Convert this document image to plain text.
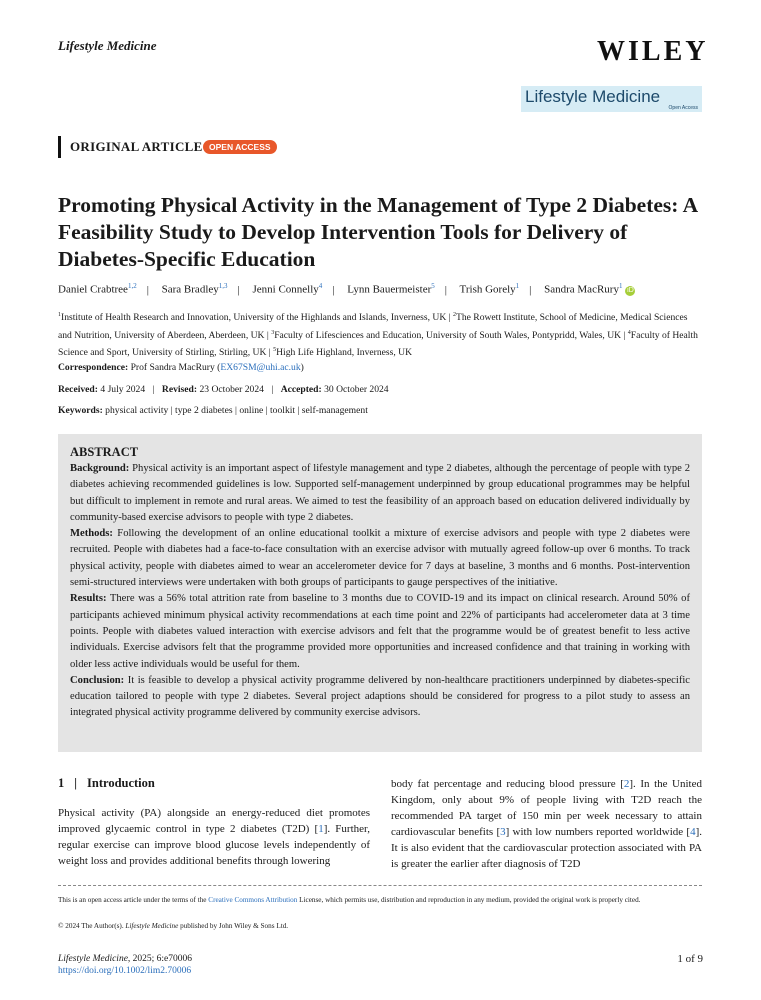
Lifestyle Medicine	WILEY
Lifestyle Medicine
Open Access
ORIGINAL ARTICLE OPEN ACCESS
Promoting Physical Activity in the Management of Type 2 Diabetes: A Feasibility Study to Develop Intervention Tools for Delivery of Diabetes-Specific Education
Daniel Crabtree$^{1,2}$ | Sara Bradley$^{1,3}$ | Jenni Connelly$^4$ | Lynn Bauermeister$^5$ | Trish Gorely$^1$ | Sandra MacRury$^1$iD
$^1$Institute of Health Research and Innovation, University of the Highlands and Islands, Inverness, UK | $^2$The Rowett Institute, School of Medicine, Medical Sciences and Nutrition, University of Aberdeen, Aberdeen, UK | $^3$Faculty of Lifesciences and Education, University of South Wales, Pontypridd, Wales, UK | $^4$Faculty of Health Science and Sport, University of Stirling, Stirling, UK | $^5$High Life Highland, Inverness, UK
Correspondence: Prof Sandra MacRury (EX67SM@uhi.ac.uk)
Received: 4 July 2024 | Revised: 23 October 2024 | Accepted: 30 October 2024
Keywords: physical activity | type 2 diabetes | online | toolkit | self-management
ABSTRACT

Background: Physical activity is an important aspect of lifestyle management and type 2 diabetes, although the percentage of people with type 2 diabetes achieving recommended guidelines is low. Supported self-management underpinned by group educational programmes may be helpful but difficult to implement in remote and rural areas. We aimed to test the feasibility of an approach based on education delivered individually by community-based exercise advisors to people with type 2 diabetes.

Methods: Following the development of an online educational toolkit a mixture of exercise advisors and people with type 2 diabetes were recruited. People with diabetes had a face-to-face consultation with an exercise advisor with mutually agreed follow-up over 6 months. To track physical activity, people with diabetes aimed to wear an accelerometer device for 7 days at baseline, 3 months and 6 months. Post-intervention semi-structured interviews were undertaken with both groups of participants to gauge perspectives of the initiative.

Results: There was a 56% total attrition rate from baseline to 3 months due to COVID-19 and its impact on clinical research. Around 50% of participants achieved minimum physical activity recommendations at each time point and 22% of participants had accelerometer data at 3 time points. People with diabetes valued interaction with exercise advisors and felt that the programme would be of greatest benefit to less active individuals. Exercise advisors felt that the programme provided more opportunities and increased confidence and that training in working with older less active individuals would be useful for them.

Conclusion: It is feasible to develop a physical activity programme delivered by non-healthcare practitioners underpinned by diabetes-specific education tailored to people with type 2 diabetes. Several project adaptions should be considered for progress to a pilot study to assess an integrated physical activity programme delivered by community exercise advisors.

1 | Introduction
Physical activity (PA) alongside an energy-reduced diet promotes improved glycaemic control in type 2 diabetes (T2D) [1]. Further, regular exercise can improve blood glucose levels independently of weight loss and provides additional benefits through lowering
body fat percentage and reducing blood pressure [2]. In the United Kingdom, only about 9% of people living with T2D reach the recommended PA target of 150 min per week necessary to attain cardiovascular benefits [3] with low numbers reported worldwide [4]. It is also evident that the cardiovascular protection associated with PA is greater the earlier after diagnosis of T2D
This is an open access article under the terms of the Creative Commons Attribution License, which permits use, distribution and reproduction in any medium, provided the original work is properly cited.
© 2024 The Author(s). Lifestyle Medicine published by John Wiley & Sons Ltd.
Lifestyle Medicine, 2025; 6:e70006
https://doi.org/10.1002/lim2.70006
1 of 9
